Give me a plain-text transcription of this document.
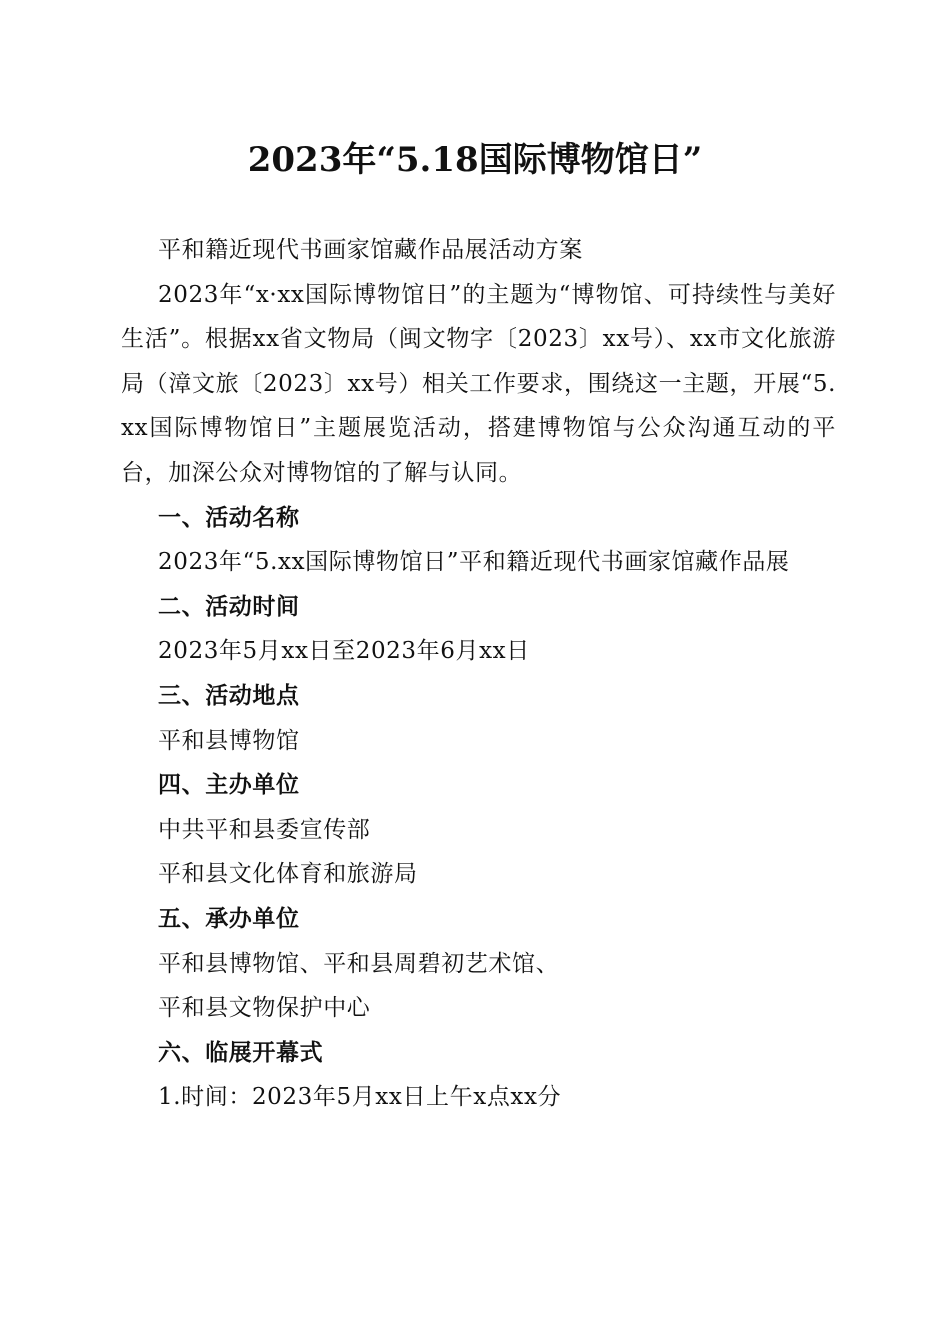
2023年“5.18国际博物馆日”

平和籍近现代书画家馆藏作品展活动方案

2023年“x·xx国际博物馆日”的主题为“博物馆、可持续性与美好生活”。根据xx省文物局（闽文物字〔2023〕xx号）、xx市文化旅游局（漳文旅〔2023〕xx号）相关工作要求，围绕这一主题，开展“5.xx国际博物馆日”主题展览活动，搭建博物馆与公众沟通互动的平台，加深公众对博物馆的了解与认同。

一、活动名称

2023年“5.xx国际博物馆日”平和籍近现代书画家馆藏作品展

二、活动时间

2023年5月xx日至2023年6月xx日

三、活动地点

平和县博物馆

四、主办单位

中共平和县委宣传部

平和县文化体育和旅游局

五、承办单位

平和县博物馆、平和县周碧初艺术馆、

平和县文物保护中心

六、临展开幕式

1.时间：2023年5月xx日上午x点xx分
